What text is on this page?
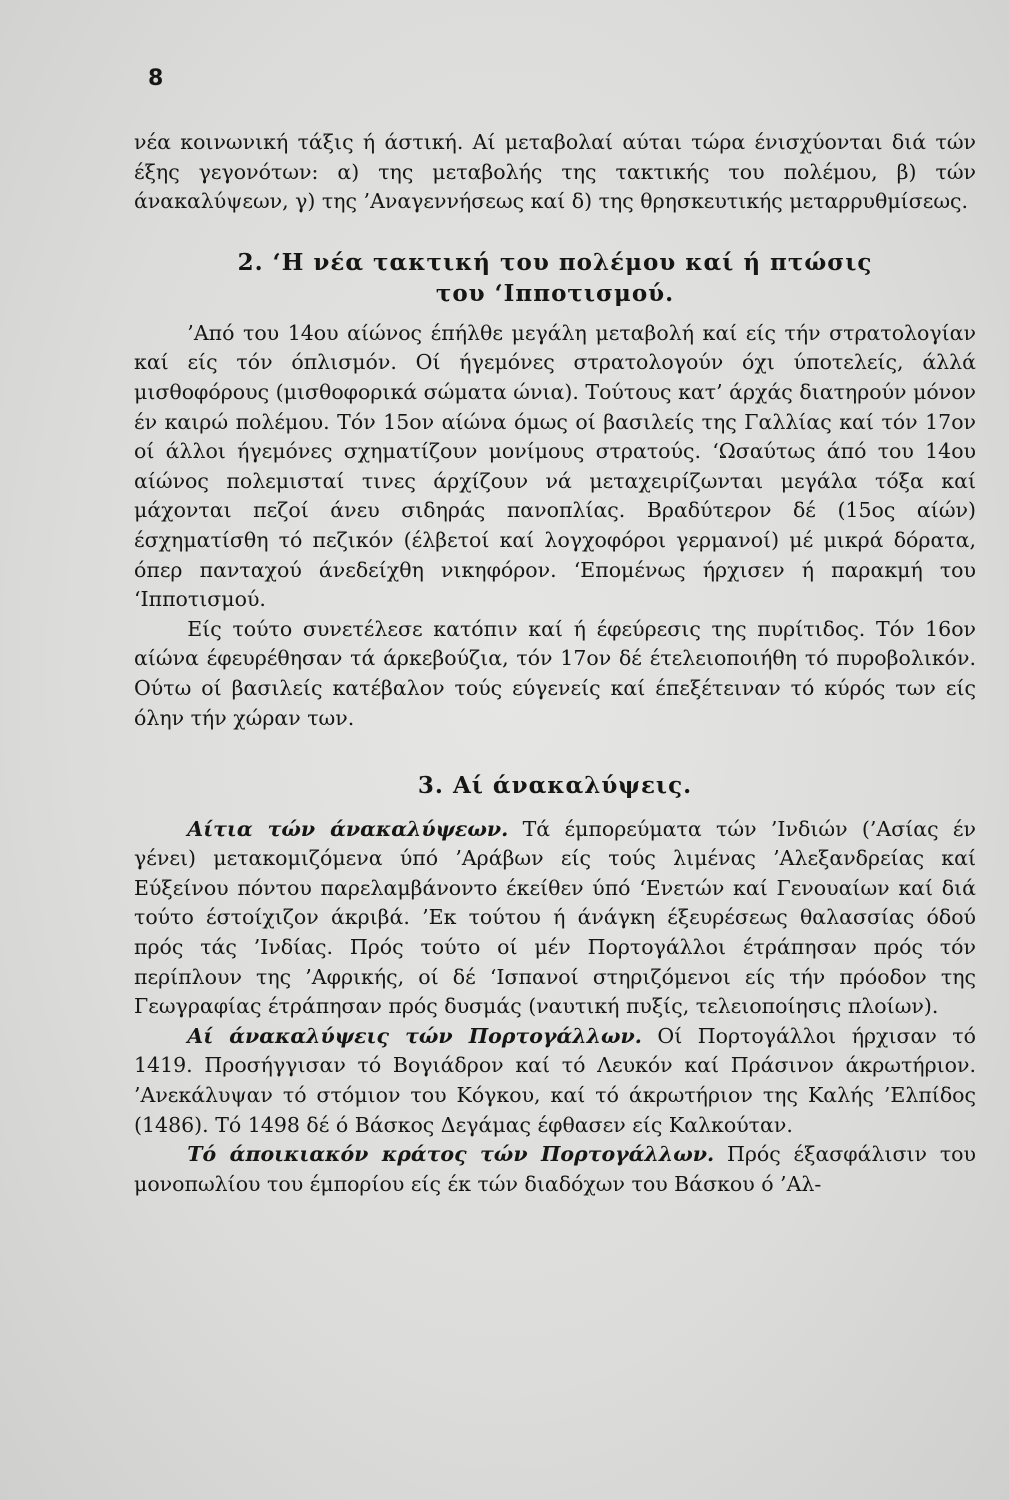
8

νέα κοινωνική τάξις ή άστική. Αί μεταβολαί αύται τώρα ένισχύονται διά τών έξης γεγονότων: α) της μεταβολής της τακτικής του πολέμου, β) τών άνακαλύψεων, γ) της ’Αναγεννήσεως καί δ) της θρησκευτικής μεταρρυθμίσεως.

2. ‘Η νέα τακτική του πολέμου καί ή πτώσις
του ‘Ιπποτισμού.

’Από του 14ου αίώνος έπήλθε μεγάλη μεταβολή καί είς τήν στρατολογίαν καί είς τόν όπλισμόν. Οί ήγεμόνες στρατολογούν όχι ύποτελείς, άλλά μισθοφόρους (μισθοφορικά σώματα ώνια). Τούτους κατ’ άρχάς διατηρούν μόνον έν καιρώ πολέμου. Τόν 15ον αίώνα όμως οί βασιλείς της Γαλλίας καί τόν 17ον οί άλλοι ήγεμόνες σχηματίζουν μονίμους στρατούς. ‘Ωσαύτως άπό του 14ου αίώνος πολεμισταί τινες άρχίζουν νά μεταχειρίζωνται μεγάλα τόξα καί μάχονται πεζοί άνευ σιδηράς πανοπλίας. Βραδύτερον δέ (15ος αίών) έσχηματίσθη τό πεζικόν (έλβετοί καί λογχοφόροι γερμανοί) μέ μικρά δόρατα, όπερ πανταχού άνεδείχθη νικηφόρον. ‘Επομένως ήρχισεν ή παρακμή του ‘Ιπποτισμού.

Είς τούτο συνετέλεσε κατόπιν καί ή έφεύρεσις της πυρίτιδος. Τόν 16ον αίώνα έφευρέθησαν τά άρκεβούζια, τόν 17ον δέ έτελειοποιήθη τό πυροβολικόν. Ούτω οί βασιλείς κατέβαλον τούς εύγενείς καί έπεξέτειναν τό κύρός των είς όλην τήν χώραν των.

3. Αί άνακαλύψεις.

Αίτια τών άνακαλύψεων. Τά έμπορεύματα τών ’Ινδιών (’Ασίας έν γένει) μετακομιζόμενα ύπό ’Αράβων είς τούς λιμένας ’Αλεξανδρείας καί Εύξείνου πόντου παρελαμβάνοντο έκείθεν ύπό ‘Ενετών καί Γενουαίων καί διά τούτο έστοίχιζον άκριβά. ’Εκ τούτου ή άνάγκη έξευρέσεως θαλασσίας όδού πρός τάς ’Ινδίας. Πρός τούτο οί μέν Πορτογάλλοι έτράπησαν πρός τόν περίπλουν της ’Αφρικής, οί δέ ‘Ισπανοί στηριζόμενοι είς τήν πρόοδον της Γεωγραφίας έτράπησαν πρός δυσμάς (ναυτική πυξίς, τελειοποίησις πλοίων).

Αί άνακαλύψεις τών Πορτογάλλων. Οί Πορτογάλλοι ήρχισαν τό 1419. Προσήγγισαν τό Βογιάδρον καί τό Λευκόν καί Πράσινον άκρωτήριον. ’Ανεκάλυψαν τό στόμιον του Κόγκου, καί τό άκρωτήριον της Καλής ’Ελπίδος (1486). Τό 1498 δέ ό Βάσκος Δεγάμας έφθασεν είς Καλκούταν.

Τό άποικιακόν κράτος τών Πορτογάλλων. Πρός έξασφάλισιν του μονοπωλίου του έμπορίου είς έκ τών διαδόχων του Βάσκου ό ’Αλ-
